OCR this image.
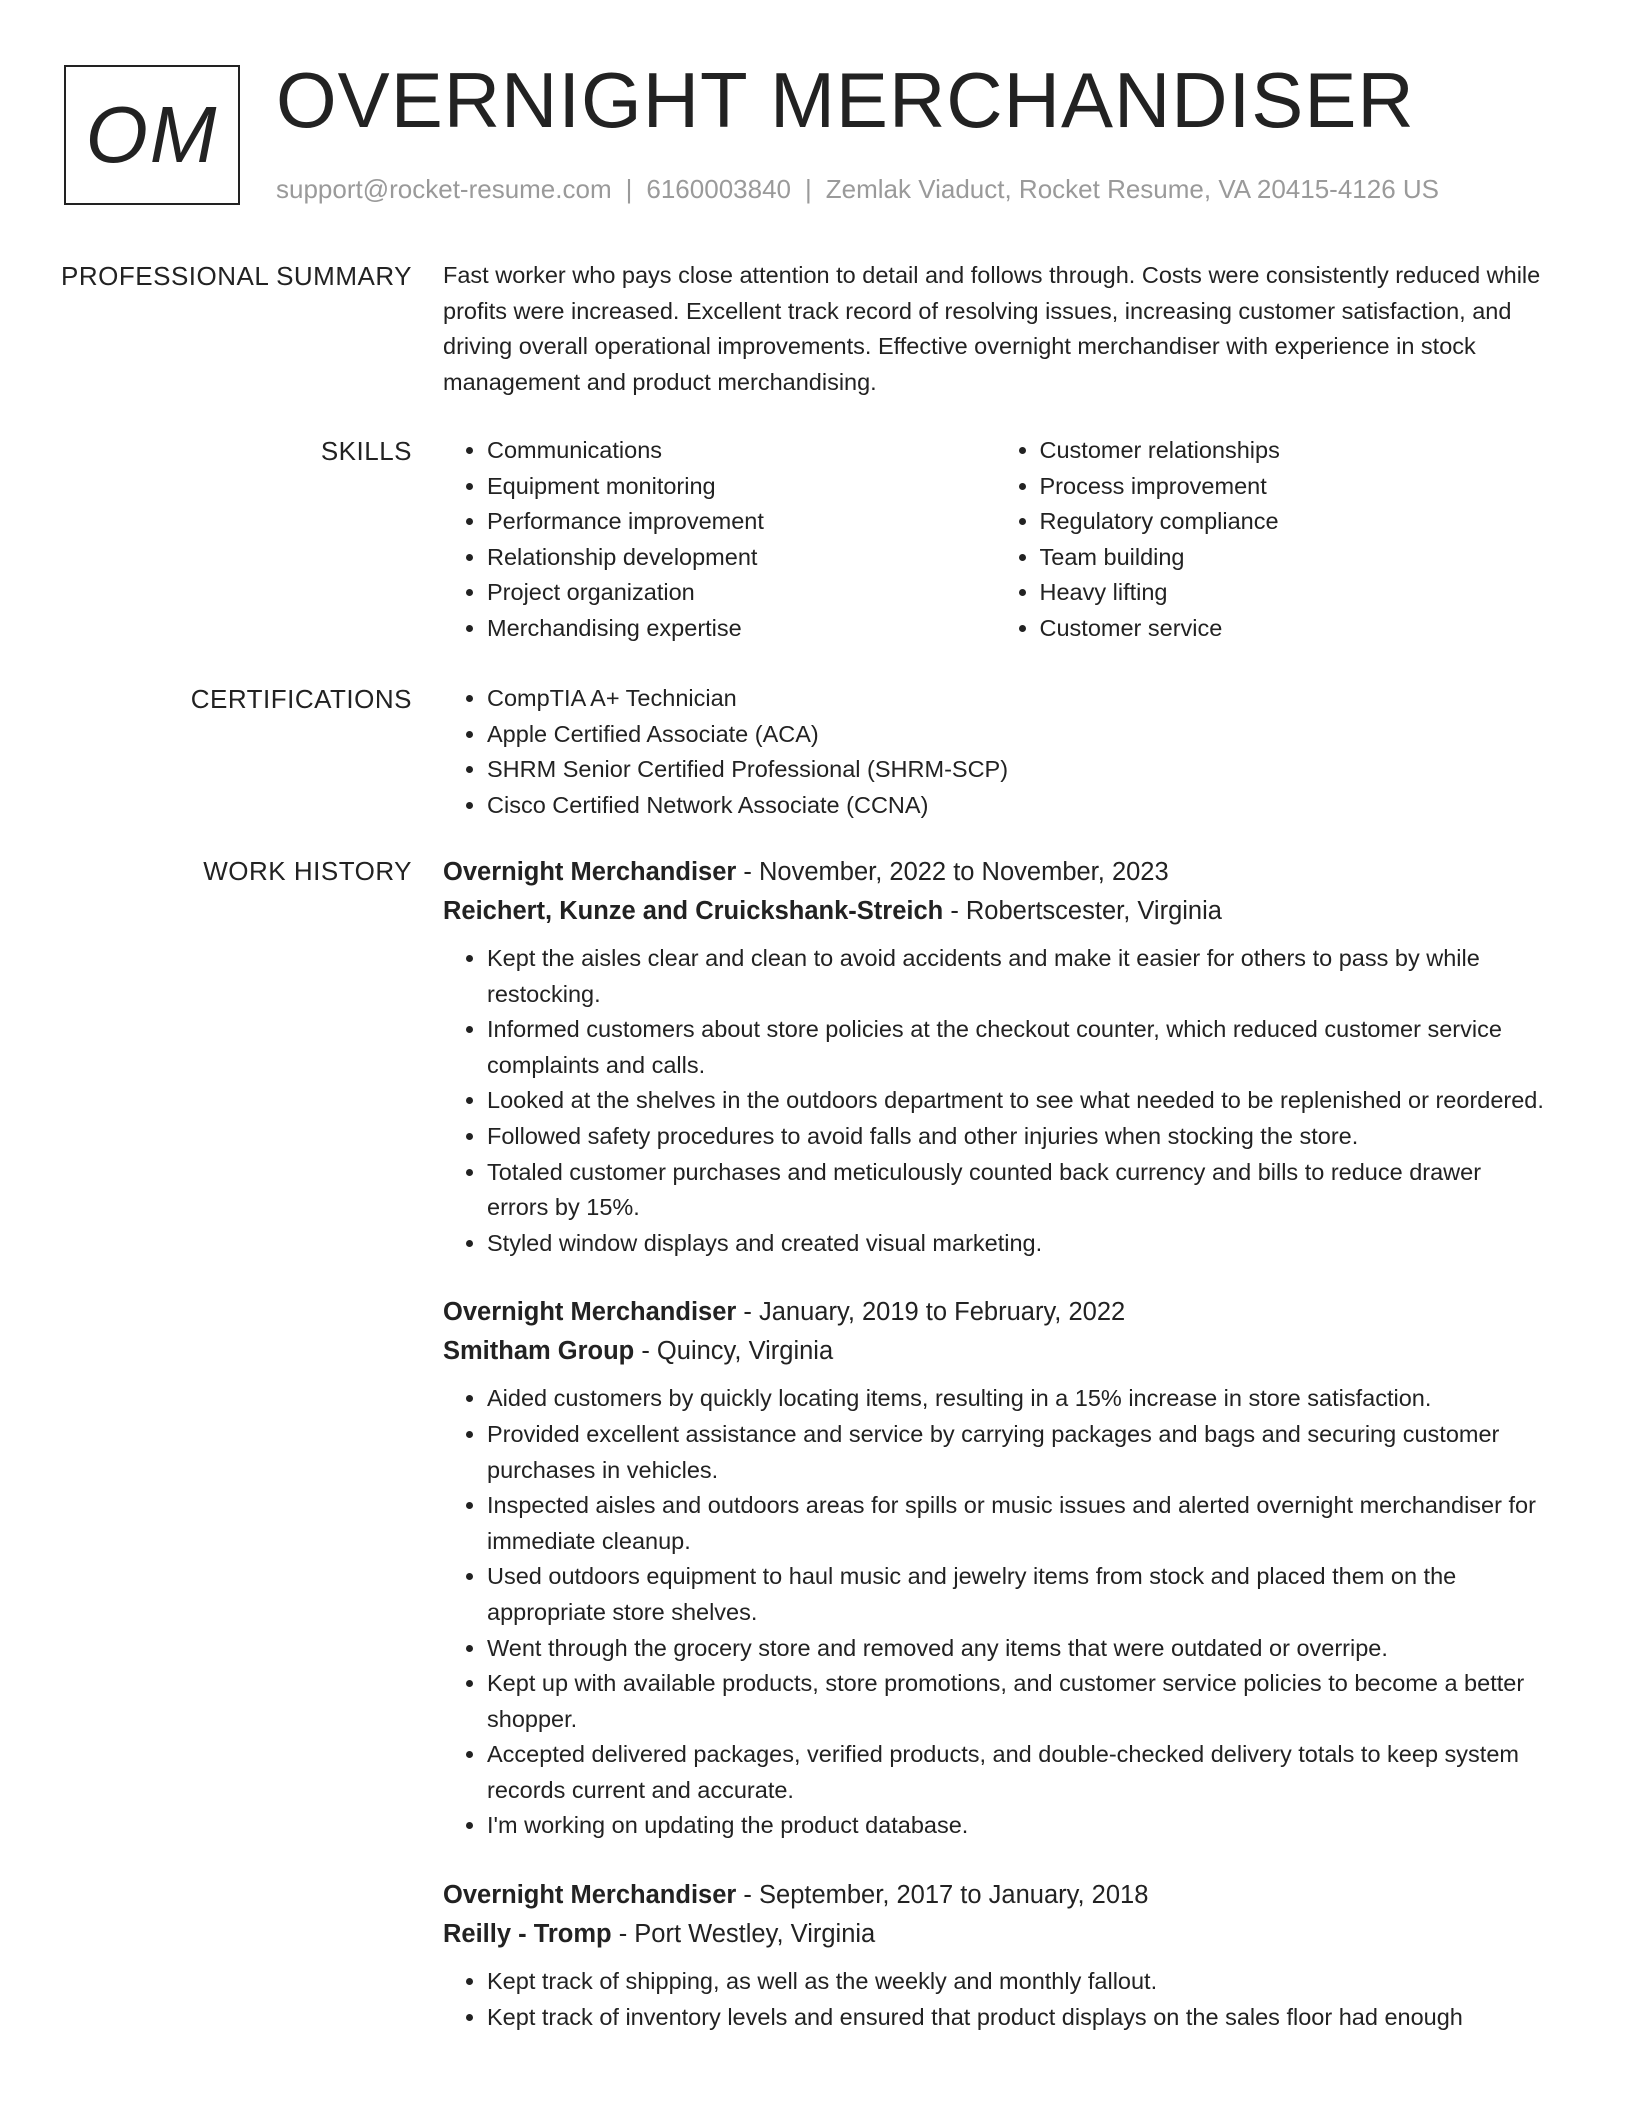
OM OVERNIGHT MERCHANDISER
support@rocket-resume.com | 6160003840 | Zemlak Viaduct, Rocket Resume, VA 20415-4126 US
PROFESSIONAL SUMMARY Fast worker who pays close attention to detail and follows through. Costs were consistently reduced while profits were increased. Excellent track record of resolving issues, increasing customer satisfaction, and driving overall operational improvements. Effective overnight merchandiser with experience in stock management and product merchandising.

SKILLS	• Communications
• Equipment monitoring
• Performance improvement
• Relationship development
• Project organization
• Merchandising expertise
• Customer relationships
• Process improvement
• Regulatory compliance
• Team building
• Heavy lifting
• Customer service
CERTIFICATIONS	• CompTIA A+ Technician
• Apple Certified Associate (ACA)
• SHRM Senior Certified Professional (SHRM-SCP)
• Cisco Certified Network Associate (CCNA)
WORK HISTORY Overnight Merchandiser - November, 2022 to November, 2023
Reichert, Kunze and Cruickshank-Streich - Robertscester, Virginia
• Kept the aisles clear and clean to avoid accidents and make it easier for others to pass by while restocking.
• Informed customers about store policies at the checkout counter, which reduced customer service complaints and calls.
• Looked at the shelves in the outdoors department to see what needed to be replenished or reordered.
• Followed safety procedures to avoid falls and other injuries when stocking the store.
• Totaled customer purchases and meticulously counted back currency and bills to reduce drawer errors by 15%.
• Styled window displays and created visual marketing.
Overnight Merchandiser - January, 2019 to February, 2022
Smitham Group - Quincy, Virginia
• Aided customers by quickly locating items, resulting in a 15% increase in store satisfaction.
• Provided excellent assistance and service by carrying packages and bags and securing customer purchases in vehicles.
• Inspected aisles and outdoors areas for spills or music issues and alerted overnight merchandiser for immediate cleanup.
• Used outdoors equipment to haul music and jewelry items from stock and placed them on the appropriate store shelves.
• Went through the grocery store and removed any items that were outdated or overripe.
• Kept up with available products, store promotions, and customer service policies to become a better shopper.
• Accepted delivered packages, verified products, and double-checked delivery totals to keep system records current and accurate.
• I'm working on updating the product database.
Overnight Merchandiser - September, 2017 to January, 2018
Reilly - Tromp - Port Westley, Virginia
• Kept track of shipping, as well as the weekly and monthly fallout.
• Kept track of inventory levels and ensured that product displays on the sales floor had enough
